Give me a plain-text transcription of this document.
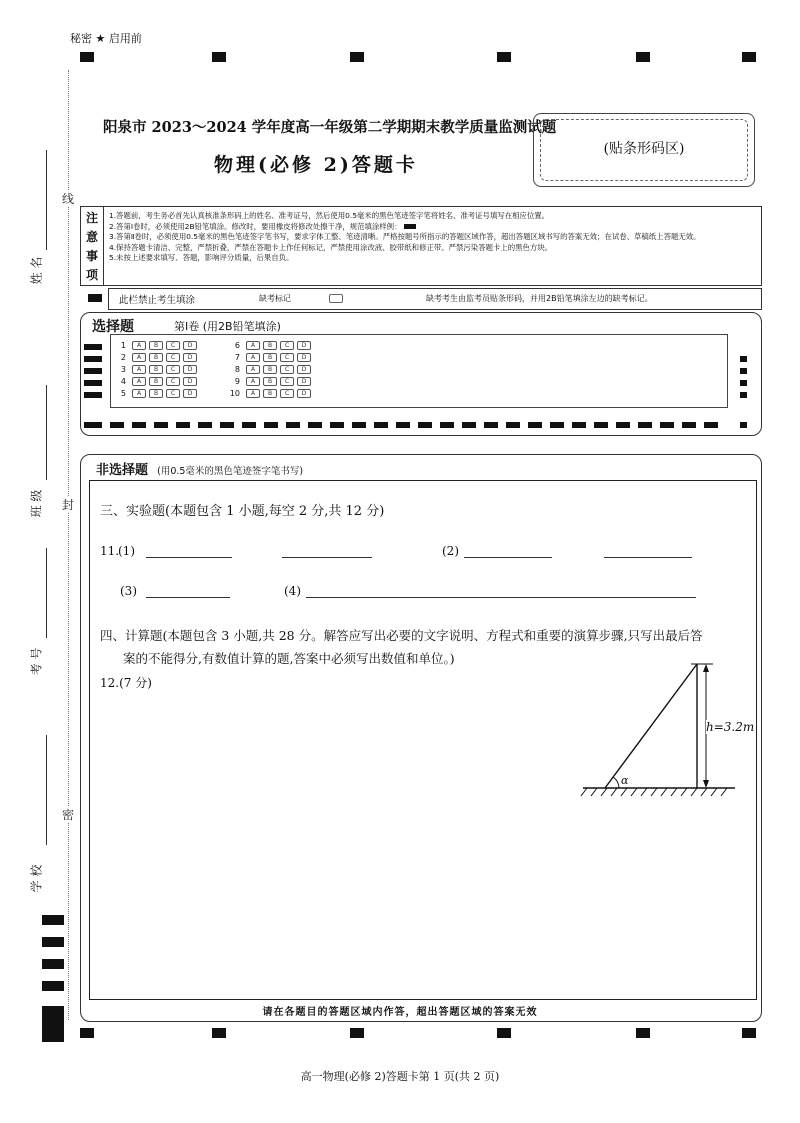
秘密 ★ 启用前
线
封
密
姓 名
班 级
考 号
学 校
阳泉市 2023～2024 学年度高一年级第二学期期末教学质量监测试题
物理(必修 2)答题卡
(贴条形码区)
注
意
事
项
1.答题前，考生务必首先认真核准条形码上的姓名、准考证号，然后使用0.5毫米的黑色笔迹签字笔将姓名、准考证号填写在相应位置。
2.答第Ⅰ卷时，必须使用2B铅笔填涂。修改时，要用橡皮将修改处擦干净，规范填涂样例：
3.答第Ⅱ卷时，必须使用0.5毫米的黑色笔迹签字笔书写，要求字体工整、笔迹清晰。严格按题号所指示的答题区域作答，超出答题区域书写的答案无效；在试卷、草稿纸上答题无效。
4.保持答题卡清洁、完整，严禁折叠，严禁在答题卡上作任何标记，严禁使用涂改液、胶带纸和修正带。严禁污染答题卡上的黑色方块。
5.未按上述要求填写、答题，影响评分质量，后果自负。
此栏禁止考生填涂	缺考标记	缺考考生由监考员贴条形码，并用2B铅笔填涂左边的缺考标记。
选择题	第Ⅰ卷 (用2B铅笔填涂)
1 A B C D
2 A B C D
3 A B C D
4 A B C D
5 A B C D
6 A B C D
7 A B C D
8 A B C D
9 A B C D
10 A B C D
非选择题 (用0.5毫米的黑色笔迹签字笔书写)
三、实验题(本题包含 1 小题,每空 2 分,共 12 分)
11.
(1)	(2)
(3)	(4)
四、计算题(本题包含 3 小题,共 28 分。解答应写出必要的文字说明、方程式和重要的演算步骤,只写出最后答
案的不能得分,有数值计算的题,答案中必须写出数值和单位。)
12.(7 分)
h=3.2m
α
请在各题目的答题区域内作答，超出答题区域的答案无效
高一物理(必修 2)答题卡第 1 页(共 2 页)
